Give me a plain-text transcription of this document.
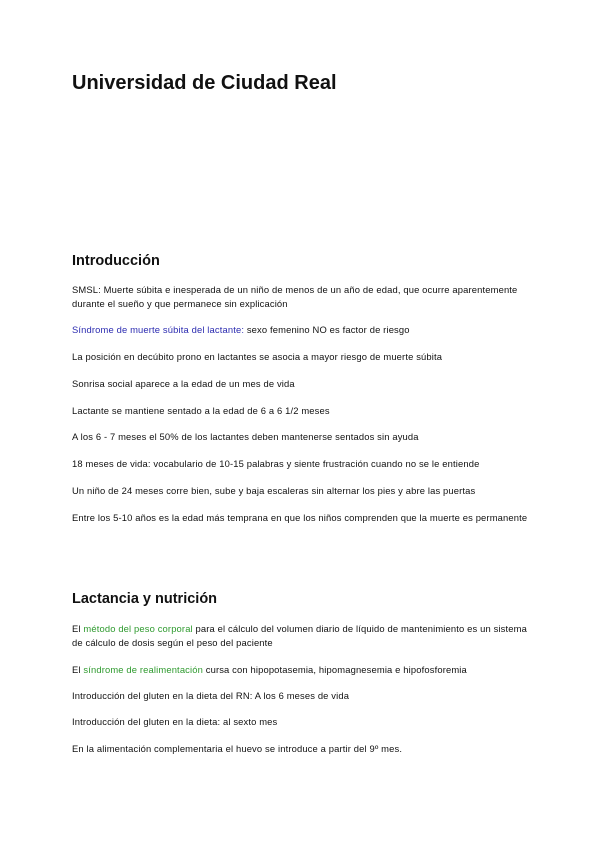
Universidad de Ciudad Real
Introducción

SMSL: Muerte súbita e inesperada de un niño de menos de un año de edad, que ocurre aparentemente durante el sueño y que permanece sin explicación

Síndrome de muerte súbita del lactante: sexo femenino NO es factor de riesgo

La posición en decúbito prono en lactantes se asocia a mayor riesgo de muerte súbita

Sonrisa social aparece a la edad de un mes de vida

Lactante se mantiene sentado a la edad de 6 a 6 1/2 meses

A los 6 - 7 meses el 50% de los lactantes deben mantenerse sentados sin ayuda

18 meses de vida: vocabulario de 10-15 palabras y siente frustración cuando no se le entiende

Un niño de 24 meses corre bien, sube y baja escaleras sin alternar los pies y abre las puertas

Entre los 5-10 años es la edad más temprana en que los niños comprenden que la muerte es permanente

Lactancia y nutrición

El método del peso corporal para el cálculo del volumen diario de líquido de mantenimiento es un sistema de cálculo de dosis según el peso del paciente

El síndrome de realimentación cursa con hipopotasemia, hipomagnesemia e hipofosforemia

Introducción del gluten en la dieta del RN: A los 6 meses de vida

Introducción del gluten en la dieta: al sexto mes

En la alimentación complementaria el huevo se introduce a partir del 9º mes.
